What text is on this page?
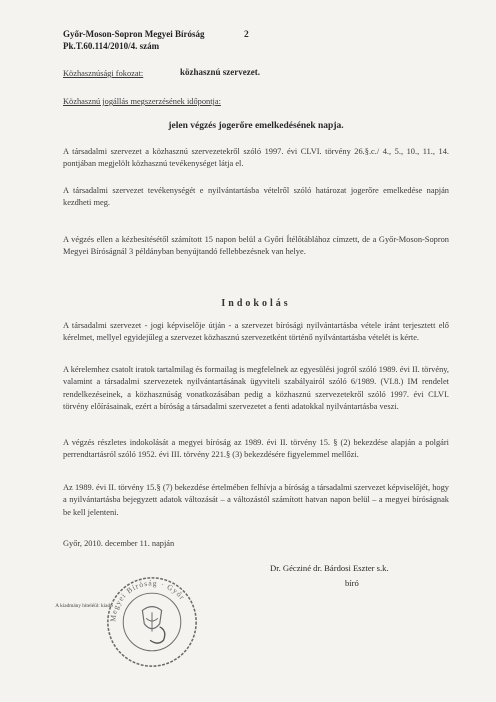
Győr-Moson-Sopron Megyei Bíróság	2
Pk.T.60.114/2010/4. szám
Közhasznúsági fokozat:	közhasznú szervezet.
Közhasznú jogállás megszerzésének időpontja:
jelen végzés jogerőre emelkedésének napja.
A társadalmi szervezet a közhasznú szervezetekről szóló 1997. évi CLVI. törvény 26.§.c./ 4., 5., 10., 11., 14. pontjában megjelölt közhasznú tevékenységet látja el.
A társadalmi szervezet tevékenységét e nyilvántartásba vételről szóló határozat jogerőre emelkedése napján kezdheti meg.
A végzés ellen a kézbesítésétől számított 15 napon belül a Győri Ítélőtáblához címzett, de a Győr-Moson-Sopron Megyei Bíróságnál 3 példányban benyújtandó fellebbezésnek van helye.
Indokolás
A társadalmi szervezet - jogi képviselője útján - a szervezet bírósági nyilvántartásba vétele iránt terjesztett elő kérelmet, mellyel egyidejűleg a szervezet közhasznú szervezetként történő nyilvántartásba vételét is kérte.
A kérelemhez csatolt iratok tartalmilag és formailag is megfelelnek az egyesülési jogról szóló 1989. évi II. törvény, valamint a társadalmi szervezetek nyilvántartásának ügyviteli szabályairól szóló 6/1989. (VI.8.) IM rendelet rendelkezéseinek, a közhasznúság vonatkozásában pedig a közhasznú szervezetekről szóló 1997. évi CLVI. törvény előírásainak, ezért a bíróság a társadalmi szervezetet a fenti adatokkal nyilvántartásba veszi.
A végzés részletes indokolását a megyei bíróság az 1989. évi II. törvény 15. § (2) bekezdése alapján a polgári perrendtartásról szóló 1952. évi III. törvény 221.§ (3) bekezdésére figyelemmel mellőzi.
Az 1989. évi II. törvény 15.§ (7) bekezdése értelmében felhívja a bíróság a társadalmi szervezet képviselőjét, hogy a nyilvántartásba bejegyzett adatok változását – a változástól számított hatvan napon belül – a megyei bíróságnak be kell jelenteni.
Győr, 2010. december 11. napján
Dr. Gécziné dr. Bárdosi Eszter s.k.
bíró
A kiadmány hiteléül: kiadó
Megyei Bíróság · Győr
